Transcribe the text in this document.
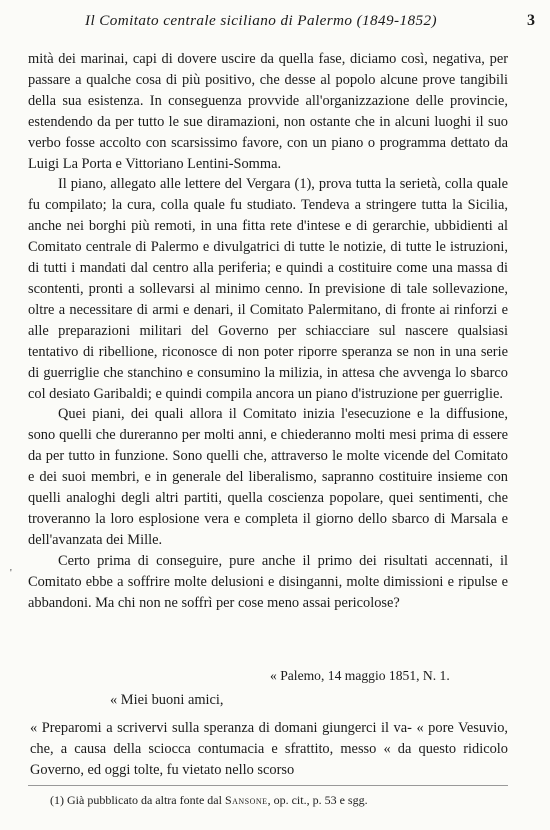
Il Comitato centrale siciliano di Palermo (1849-1852)	3

mità dei marinai, capi di dovere uscire da quella fase, diciamo così, negativa, per passare a qualche cosa di più positivo, che desse al popolo alcune prove tangibili della sua esistenza. In conseguenza provvide all'organizzazione delle provincie, estendendo da per tutto le sue diramazioni, non ostante che in alcuni luoghi il suo verbo fosse accolto con scarsissimo favore, con un piano o programma dettato da Luigi La Porta e Vittoriano Lentini-Somma.

Il piano, allegato alle lettere del Vergara (1), prova tutta la serietà, colla quale fu compilato; la cura, colla quale fu studiato. Tendeva a stringere tutta la Sicilia, anche nei borghi più remoti, in una fitta rete d'intese e di gerarchie, ubbidienti al Comitato centrale di Palermo e divulgatrici di tutte le notizie, di tutte le istruzioni, di tutti i mandati dal centro alla periferia; e quindi a costituire come una massa di scontenti, pronti a sollevarsi al minimo cenno. In previsione di tale sollevazione, oltre a necessitare di armi e denari, il Comitato Palermitano, di fronte ai rinforzi e alle preparazioni militari del Governo per schiacciare sul nascere qualsiasi tentativo di ribellione, riconosce di non poter riporre speranza se non in una serie di guerriglie che stanchino e consumino la milizia, in attesa che avvenga lo sbarco col desiato Garibaldi; e quindi compila ancora un piano d'istruzione per guerriglie.

Quei piani, dei quali allora il Comitato inizia l'esecuzione e la diffusione, sono quelli che dureranno per molti anni, e chiederanno molti mesi prima di essere da per tutto in funzione. Sono quelli che, attraverso le molte vicende del Comitato e dei suoi membri, e in generale del liberalismo, sapranno costituire insieme con quelli analoghi degli altri partiti, quella coscienza popolare, quei sentimenti, che troveranno la loro esplosione vera e completa il giorno dello sbarco di Marsala e dell'avanzata dei Mille.

Certo prima di conseguire, pure anche il primo dei risultati accennati, il Comitato ebbe a soffrire molte delusioni e disinganni, molte dimissioni e ripulse e abbandoni. Ma chi non ne soffrì per cose meno assai pericolose?

'
« Palemo, 14 maggio 1851, N. 1.
« Miei buoni amici,

« Preparomi a scrivervi sulla speranza di domani giungerci il va- « pore Vesuvio, che, a causa della sciocca contumacia e sfrattito, messo « da questo ridicolo Governo, ed oggi tolte, fu vietato nello scorso

(1) Già pubblicato da altra fonte dal Sansone, op. cit., p. 53 e sgg.
